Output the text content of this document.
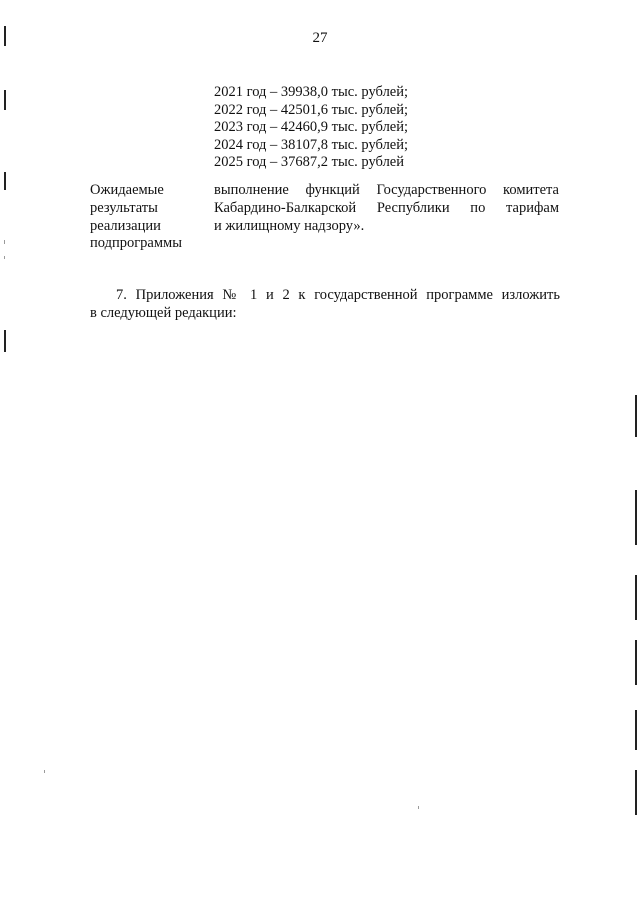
27
2021 год – 39938,0 тыс. рублей;
2022 год – 42501,6 тыс. рублей;
2023 год – 42460,9 тыс. рублей;
2024 год – 38107,8 тыс. рублей;
2025 год – 37687,2 тыс. рублей
Ожидаемые
результаты
реализации
подпрограммы
выполнение функций Государственного комитета
Кабардино-Балкарской Республики по тарифам
и жилищному надзору».
7. Приложения № 1 и 2 к государственной программе изложить
в следующей редакции:
